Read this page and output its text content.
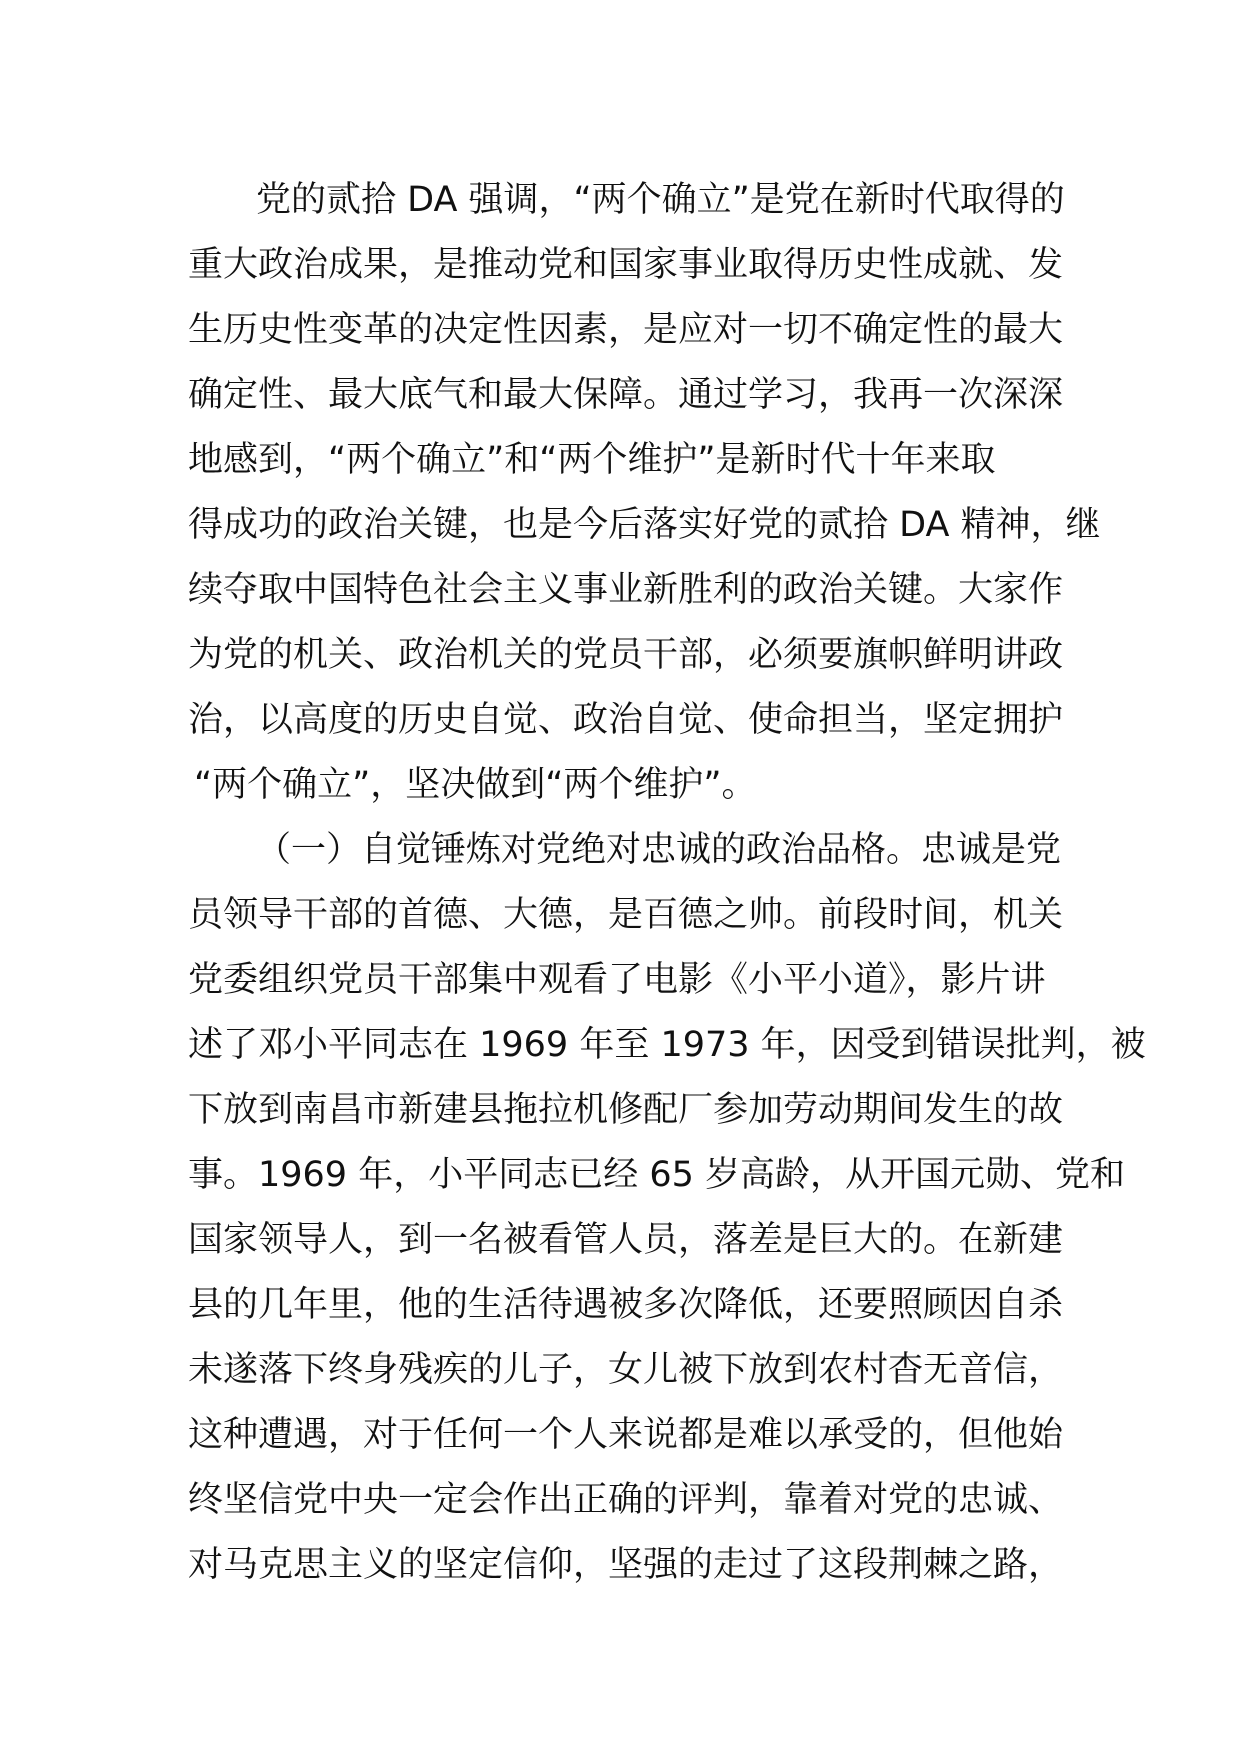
党的贰拾 DA 强调，“两个确立”是党在新时代取得的
重大政治成果，是推动党和国家事业取得历史性成就、发
生历史性变革的决定性因素，是应对一切不确定性的最大
确定性、最大底气和最大保障。通过学习，我再一次深深
地感到，“两个确立”和“两个维护”是新时代十年来取
得成功的政治关键，也是今后落实好党的贰拾 DA 精神，继
续夺取中国特色社会主义事业新胜利的政治关键。大家作
为党的机关、政治机关的党员干部，必须要旗帜鲜明讲政
治，以高度的历史自觉、政治自觉、使命担当，坚定拥护
“两个确立”，坚决做到“两个维护”。
（一）自觉锤炼对党绝对忠诚的政治品格。忠诚是党
员领导干部的首德、大德，是百德之帅。前段时间，机关
党委组织党员干部集中观看了电影《小平小道》，影片讲
述了邓小平同志在 1969 年至 1973 年，因受到错误批判，被
下放到南昌市新建县拖拉机修配厂参加劳动期间发生的故
事。1969 年，小平同志已经 65 岁高龄，从开国元勋、党和
国家领导人，到一名被看管人员，落差是巨大的。在新建
县的几年里，他的生活待遇被多次降低，还要照顾因自杀
未遂落下终身残疾的儿子，女儿被下放到农村杳无音信，
这种遭遇，对于任何一个人来说都是难以承受的，但他始
终坚信党中央一定会作出正确的评判，靠着对党的忠诚、
对马克思主义的坚定信仰，坚强的走过了这段荆棘之路，
